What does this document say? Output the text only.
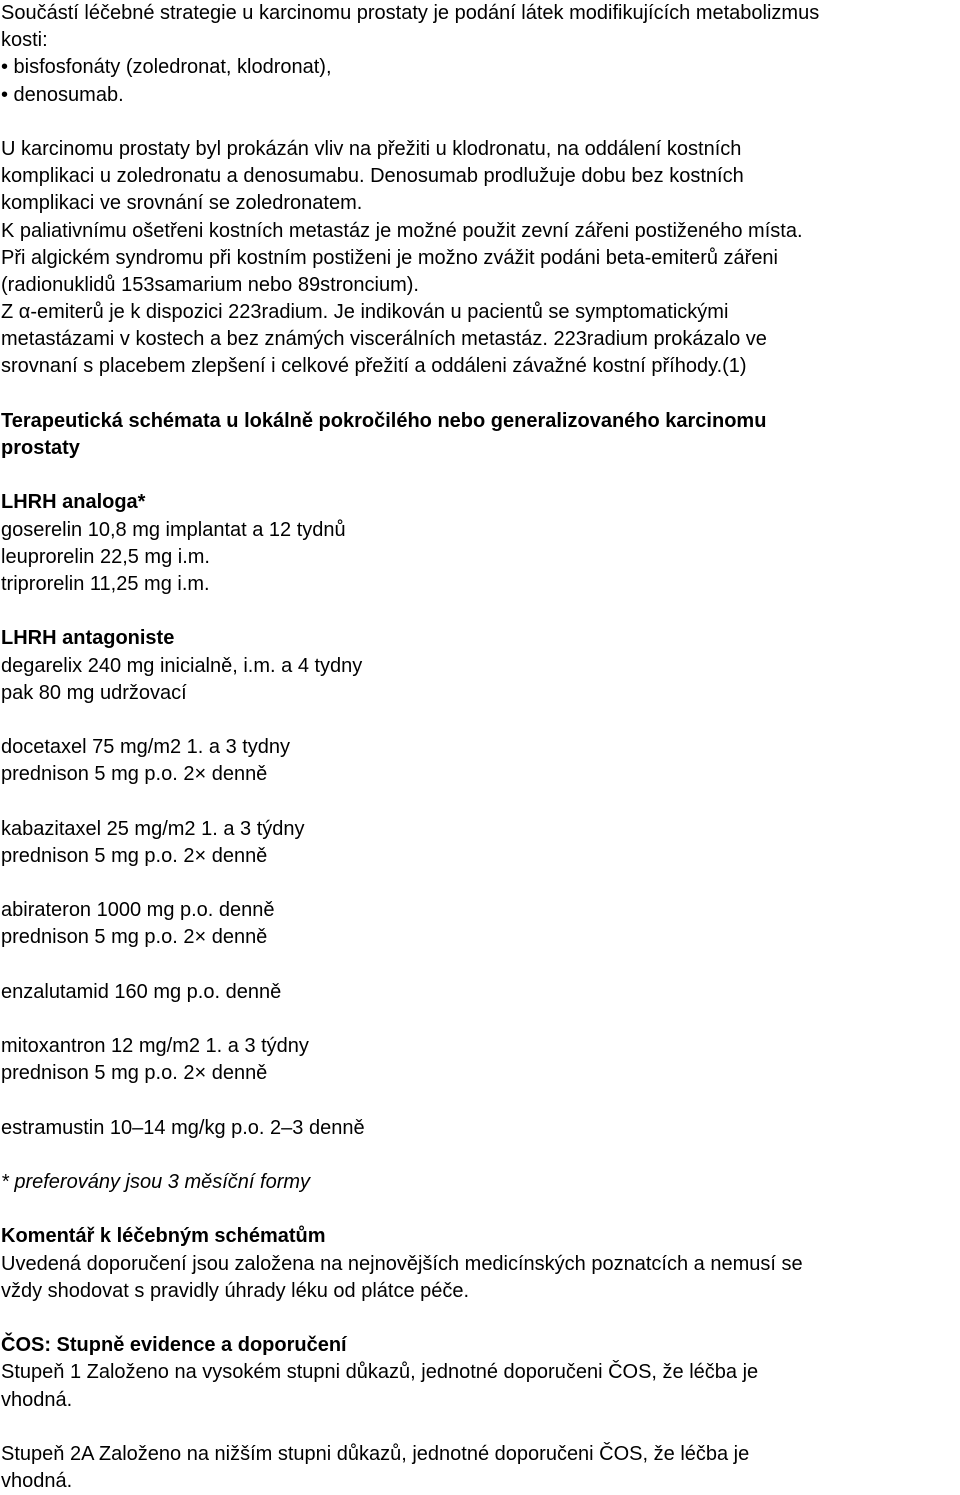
Součástí léčebné strategie u karcinomu prostaty je podání látek modifikujících metabolizmus
kosti:
• bisfosfonáty (zoledronat, klodronat),
• denosumab.
U karcinomu prostaty byl prokázán vliv na přežiti u klodronatu, na oddálení kostních
komplikaci u zoledronatu a denosumabu. Denosumab prodlužuje dobu bez kostních
komplikaci ve srovnání se zoledronatem.
K paliativnímu ošetřeni kostních metastáz je možné použit zevní zářeni postiženého místa.
Při algickém syndromu při kostním postiženi je možno zvážit podáni beta-emiterů zářeni
(radionuklidů 153samarium nebo 89stroncium).
Z α-emiterů je k dispozici 223radium. Je indikován u pacientů se symptomatickými
metastázami v kostech a bez známých viscerálních metastáz. 223radium prokázalo ve
srovnaní s placebem zlepšení i celkové přežití a oddáleni závažné kostní příhody.(1)
Terapeutická schémata u lokálně pokročilého nebo generalizovaného karcinomu
prostaty
LHRH analoga*
goserelin 10,8 mg implantat a 12 tydnů
leuprorelin 22,5 mg i.m.
triprorelin 11,25 mg i.m.
LHRH antagoniste
degarelix 240 mg inicialně, i.m. a 4 tydny
pak 80 mg udržovací
docetaxel 75 mg/m2 1. a 3 tydny
prednison 5 mg p.o. 2× denně
kabazitaxel 25 mg/m2 1. a 3 týdny
prednison 5 mg p.o. 2× denně
abirateron 1000 mg p.o. denně
prednison 5 mg p.o. 2× denně
enzalutamid 160 mg p.o. denně
mitoxantron 12 mg/m2 1. a 3 týdny
prednison 5 mg p.o. 2× denně
estramustin 10–14 mg/kg p.o. 2–3 denně
* preferovány jsou 3 měsíční formy
Komentář k léčebným schématům
Uvedená doporučení jsou založena na nejnovějších medicínských poznatcích a nemusí se
vždy shodovat s pravidly úhrady léku od plátce péče.
ČOS: Stupně evidence a doporučení
Stupeň 1 Založeno na vysokém stupni důkazů, jednotné doporučeni ČOS, že léčba je
vhodná.
Stupeň 2A Založeno na nižším stupni důkazů, jednotné doporučeni ČOS, že léčba je
vhodná.
